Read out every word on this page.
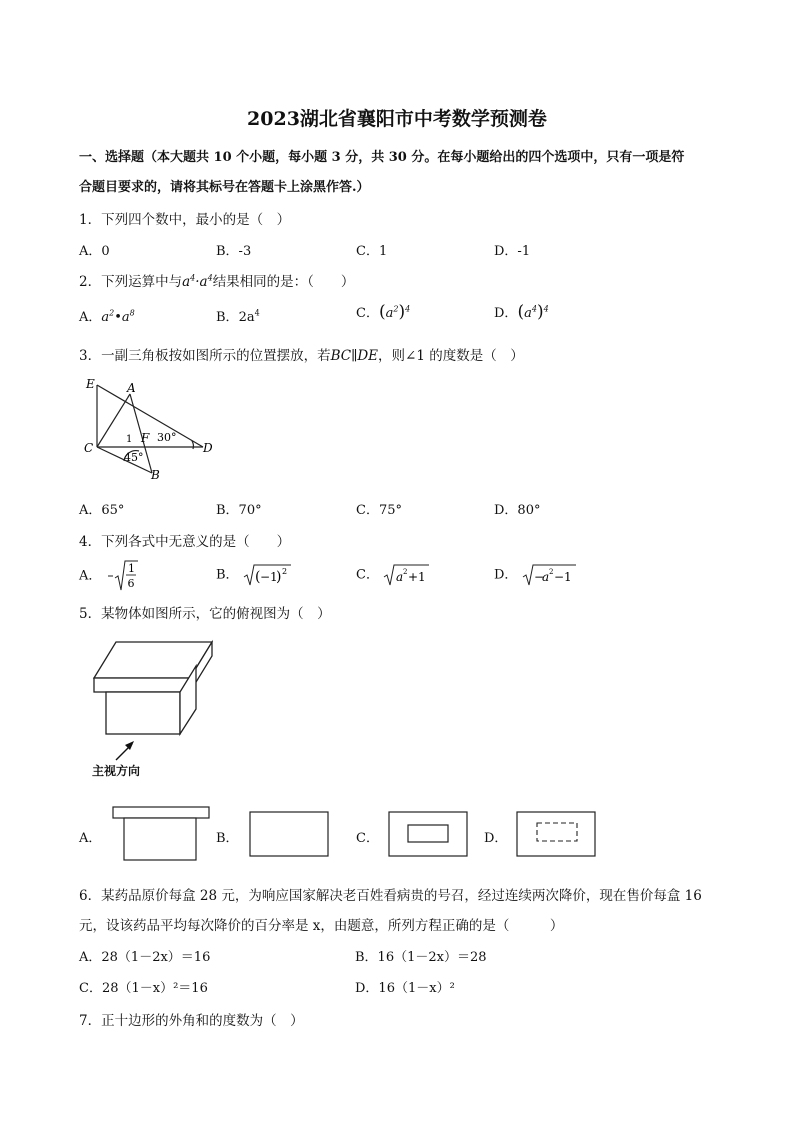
2023湖北省襄阳市中考数学预测卷
一、选择题（本大题共 10 个小题，每小题 3 分，共 30 分。在每小题给出的四个选项中，只有一项是符
合题目要求的，请将其标号在答题卡上涂黑作答.）
1．下列四个数中，最小的是（　）
A．0	B．-3	C．1	D．-1
2．下列运算中与$a^4\cdot a^4$结果相同的是：（　　）
A．$a^2•a^8$	B．$2a^4$	C．$(a^2)^4$	D．$(a^4)^4$
3．一副三角板按如图所示的位置摆放，若BC∥DE，则∠1 的度数是（　）
E	A
C
1 F 30°
D
45°
B
A．65°	B．70°	C．75°	D．80°
4．下列各式中无意义的是（　　）
A． 1
6
B． ( −1
) 2	C． a 2 +1	D． −
a 2 −1
5．某物体如图所示，它的俯视图为（　）
主视方向
A．	B．	C．	D．
6．某药品原价每盒 28 元，为响应国家解决老百姓看病贵的号召，经过连续两次降价，现在售价每盒 16
元，设该药品平均每次降价的百分率是 x，由题意，所列方程正确的是（　　　）
A．28（1－2x）＝16	B．16（1－2x）＝28
C．28（1－x）²＝16	D．16（1－x）²
7．正十边形的外角和的度数为（　）
